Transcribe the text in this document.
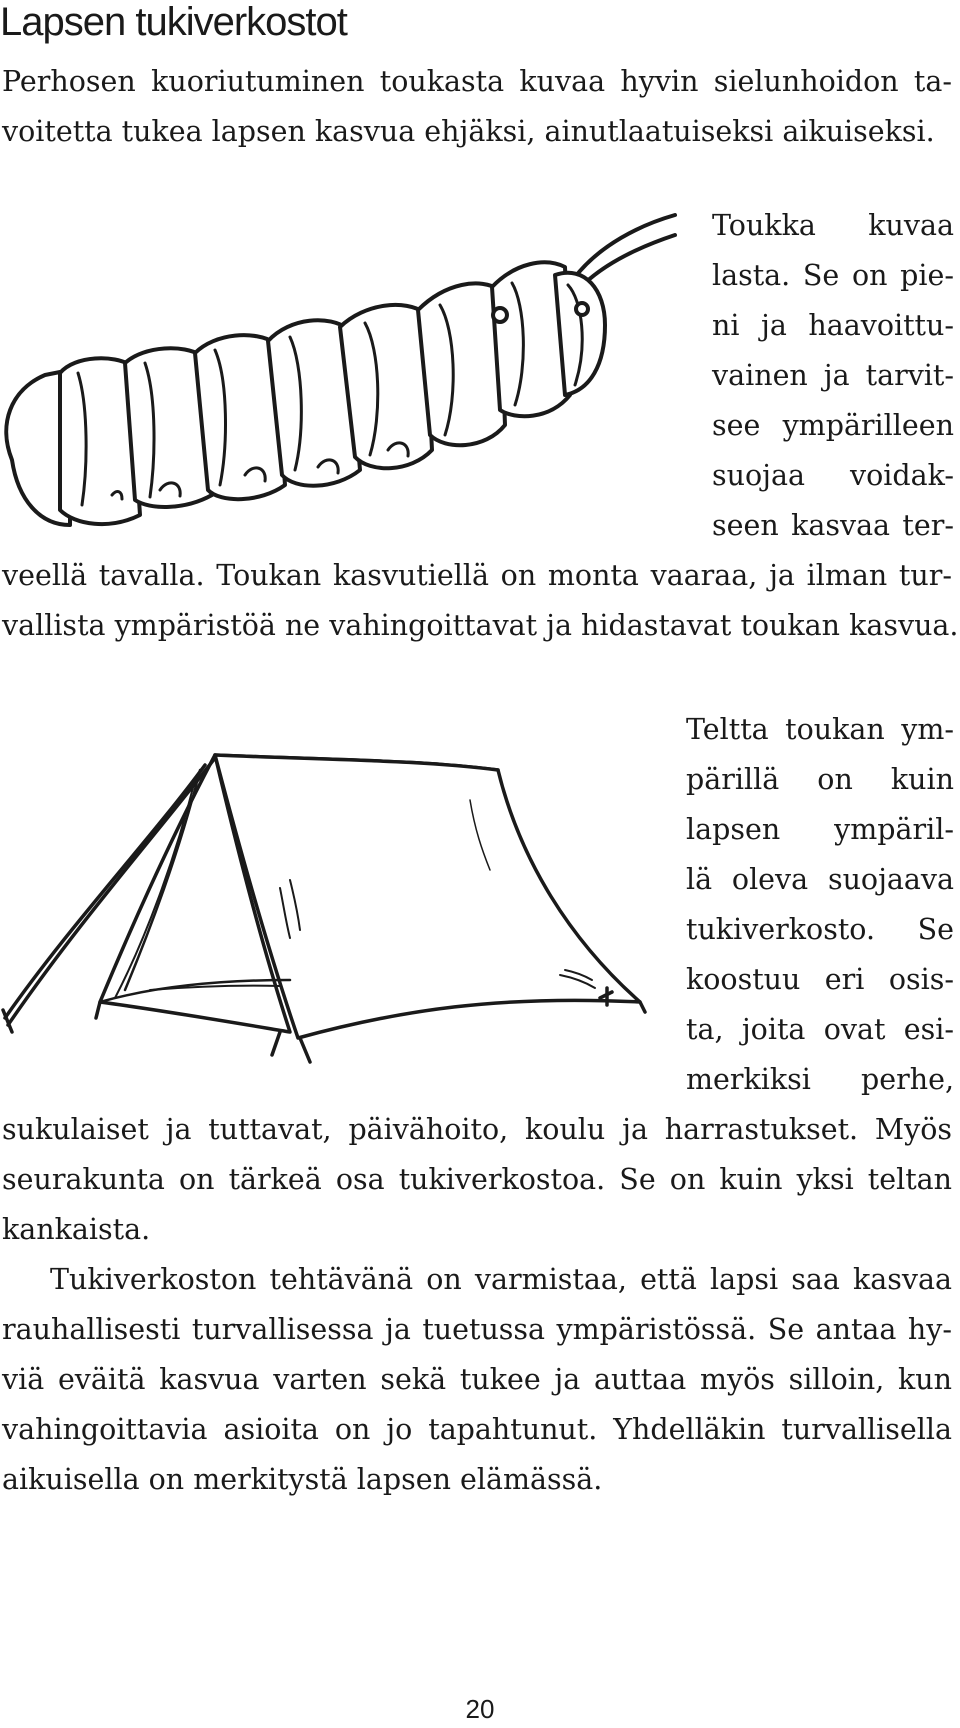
Lapsen tukiverkostot
Perhosen kuoriutuminen toukasta kuvaa hyvin sielunhoidon ta-
voitetta tukea lapsen kasvua ehjäksi, ainutlaatuiseksi aikuiseksi.
Toukka kuvaa
lasta. Se on pie-
ni ja haavoittu-
vainen ja tarvit-
see ympärilleen
suojaa voidak-
seen kasvaa ter-
veellä tavalla. Toukan kasvutiellä on monta vaaraa, ja ilman tur-
vallista ympäristöä ne vahingoittavat ja hidastavat toukan kasvua.
Teltta toukan ym-
pärillä on kuin
lapsen ympäril-
lä oleva suojaava
tukiverkosto. Se
koostuu eri osis-
ta, joita ovat esi-
merkiksi perhe,
sukulaiset ja tuttavat, päivähoito, koulu ja harrastukset. Myös
seurakunta on tärkeä osa tukiverkostoa. Se on kuin yksi teltan
kankaista.
Tukiverkoston tehtävänä on varmistaa, että lapsi saa kasvaa
rauhallisesti turvallisessa ja tuetussa ympäristössä. Se antaa hy-
viä eväitä kasvua varten sekä tukee ja auttaa myös silloin, kun
vahingoittavia asioita on jo tapahtunut. Yhdelläkin turvallisella
aikuisella on merkitystä lapsen elämässä.
20
